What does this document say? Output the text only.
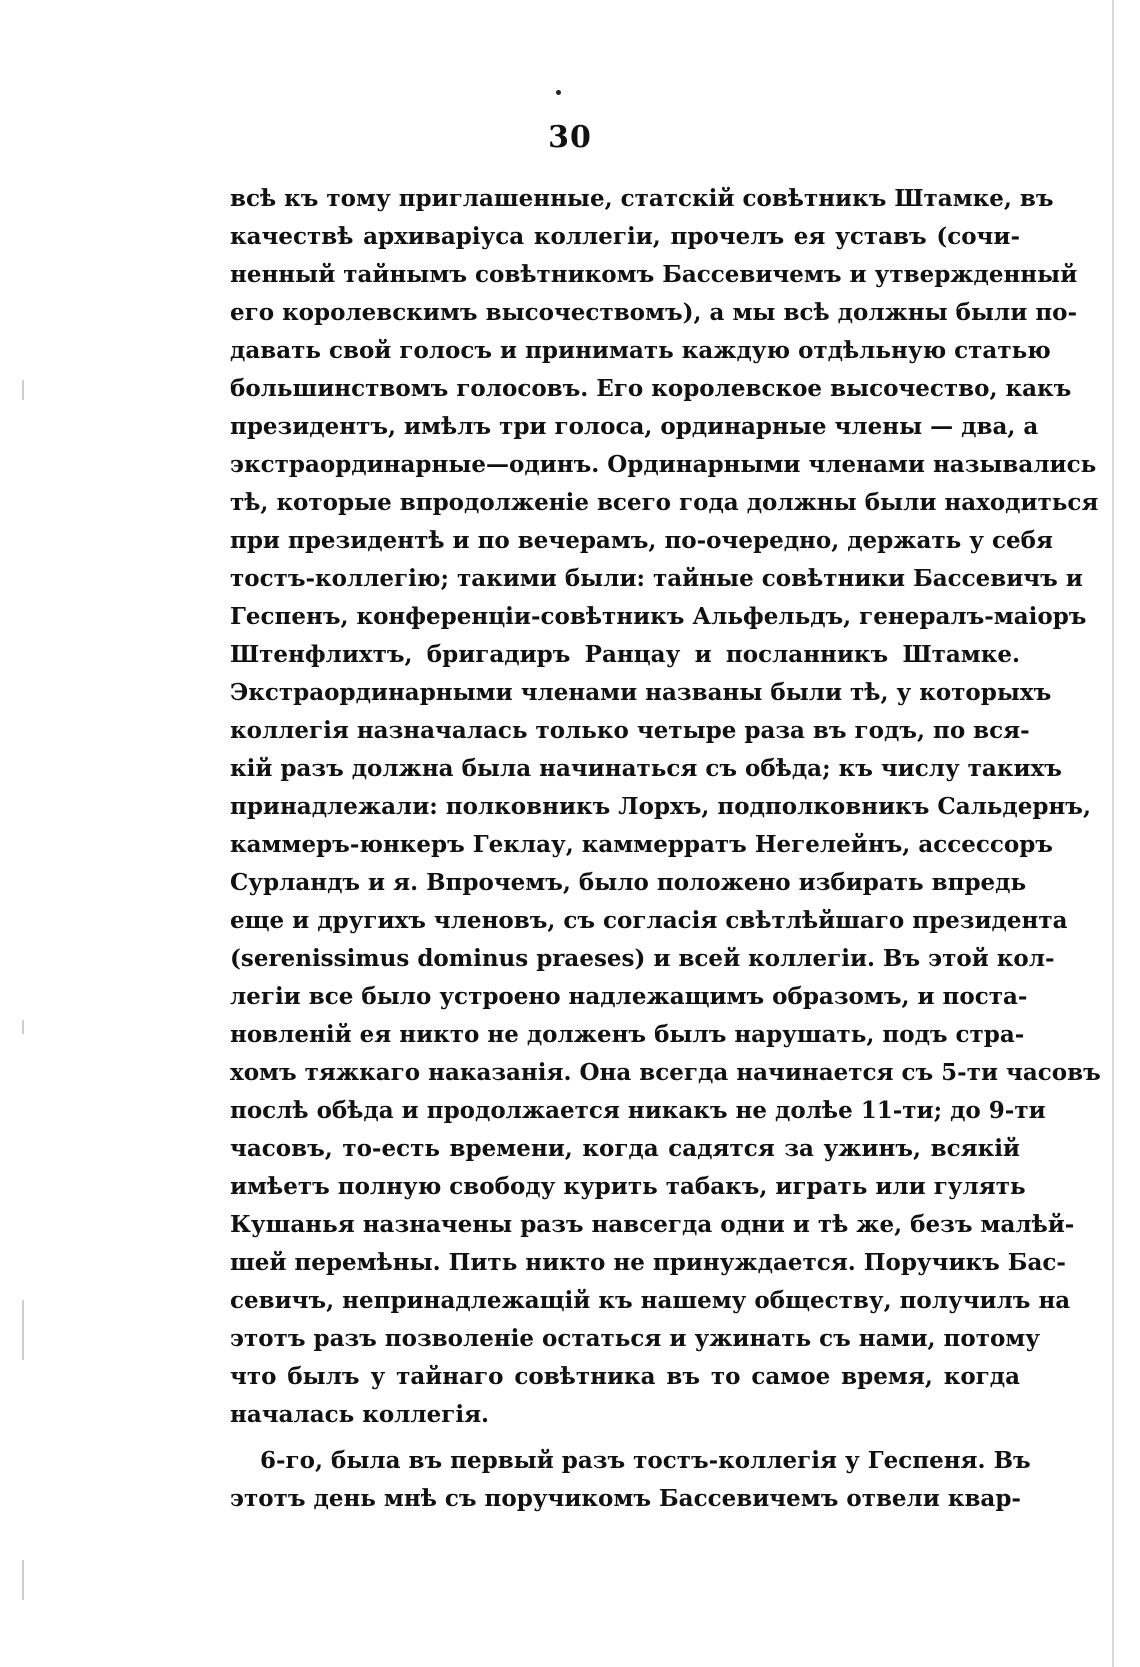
30
всѣ къ тому приглашенные, статскій совѣтникъ Штамке, въ
качествѣ архиваріуса коллегіи, прочелъ ея уставъ (сочи-
ненный тайнымъ совѣтникомъ Бассевичемъ и утвержденный
его королевскимъ высочествомъ), а мы всѣ должны были по-
давать свой голосъ и принимать каждую отдѣльную статью
большинствомъ голосовъ. Его королевское высочество, какъ
президентъ, имѣлъ три голоса, ординарные члены — два, а
экстраординарные—одинъ. Ординарными членами назывались
тѣ, которые впродолженіе всего года должны были находиться
при президентѣ и по вечерамъ, по-очередно, держать у себя
тостъ-коллегію; такими были: тайные совѣтники Бассевичъ и
Геспенъ, конференціи-совѣтникъ Альфельдъ, генералъ-маіоръ
Штенфлихтъ, бригадиръ Ранцау и посланникъ Штамке.
Экстраординарными членами названы были тѣ, у которыхъ
коллегія назначалась только четыре раза въ годъ, по вся-
кій разъ должна была начинаться съ обѣда; къ числу такихъ
принадлежали: полковникъ Лорхъ, подполковникъ Сальдернъ,
каммеръ-юнкеръ Геклау, каммерратъ Негелейнъ, ассессоръ
Сурландъ и я. Впрочемъ, было положено избирать впредь
еще и другихъ членовъ, съ согласія свѣтлѣйшаго президента
(serenissimus dominus praeses) и всей коллегіи. Въ этой кол-
легіи все было устроено надлежащимъ образомъ, и поста-
новленій ея никто не долженъ былъ нарушать, подъ стра-
хомъ тяжкаго наказанія. Она всегда начинается съ 5-ти часовъ
послѣ обѣда и продолжается никакъ не долѣе 11-ти; до 9-ти
часовъ, то-есть времени, когда садятся за ужинъ, всякій
имѣетъ полную свободу курить табакъ, играть или гулять
Кушанья назначены разъ навсегда одни и тѣ же, безъ малѣй-
шей перемѣны. Пить никто не принуждается. Поручикъ Бас-
севичъ, непринадлежащій къ нашему обществу, получилъ на
этотъ разъ позволеніе остаться и ужинать съ нами, потому
что былъ у тайнаго совѣтника въ то самое время, когда
началась коллегія.
6-го, была въ первый разъ тостъ-коллегія у Геспеня. Въ
этотъ день мнѣ съ поручикомъ Бассевичемъ отвели квар-
